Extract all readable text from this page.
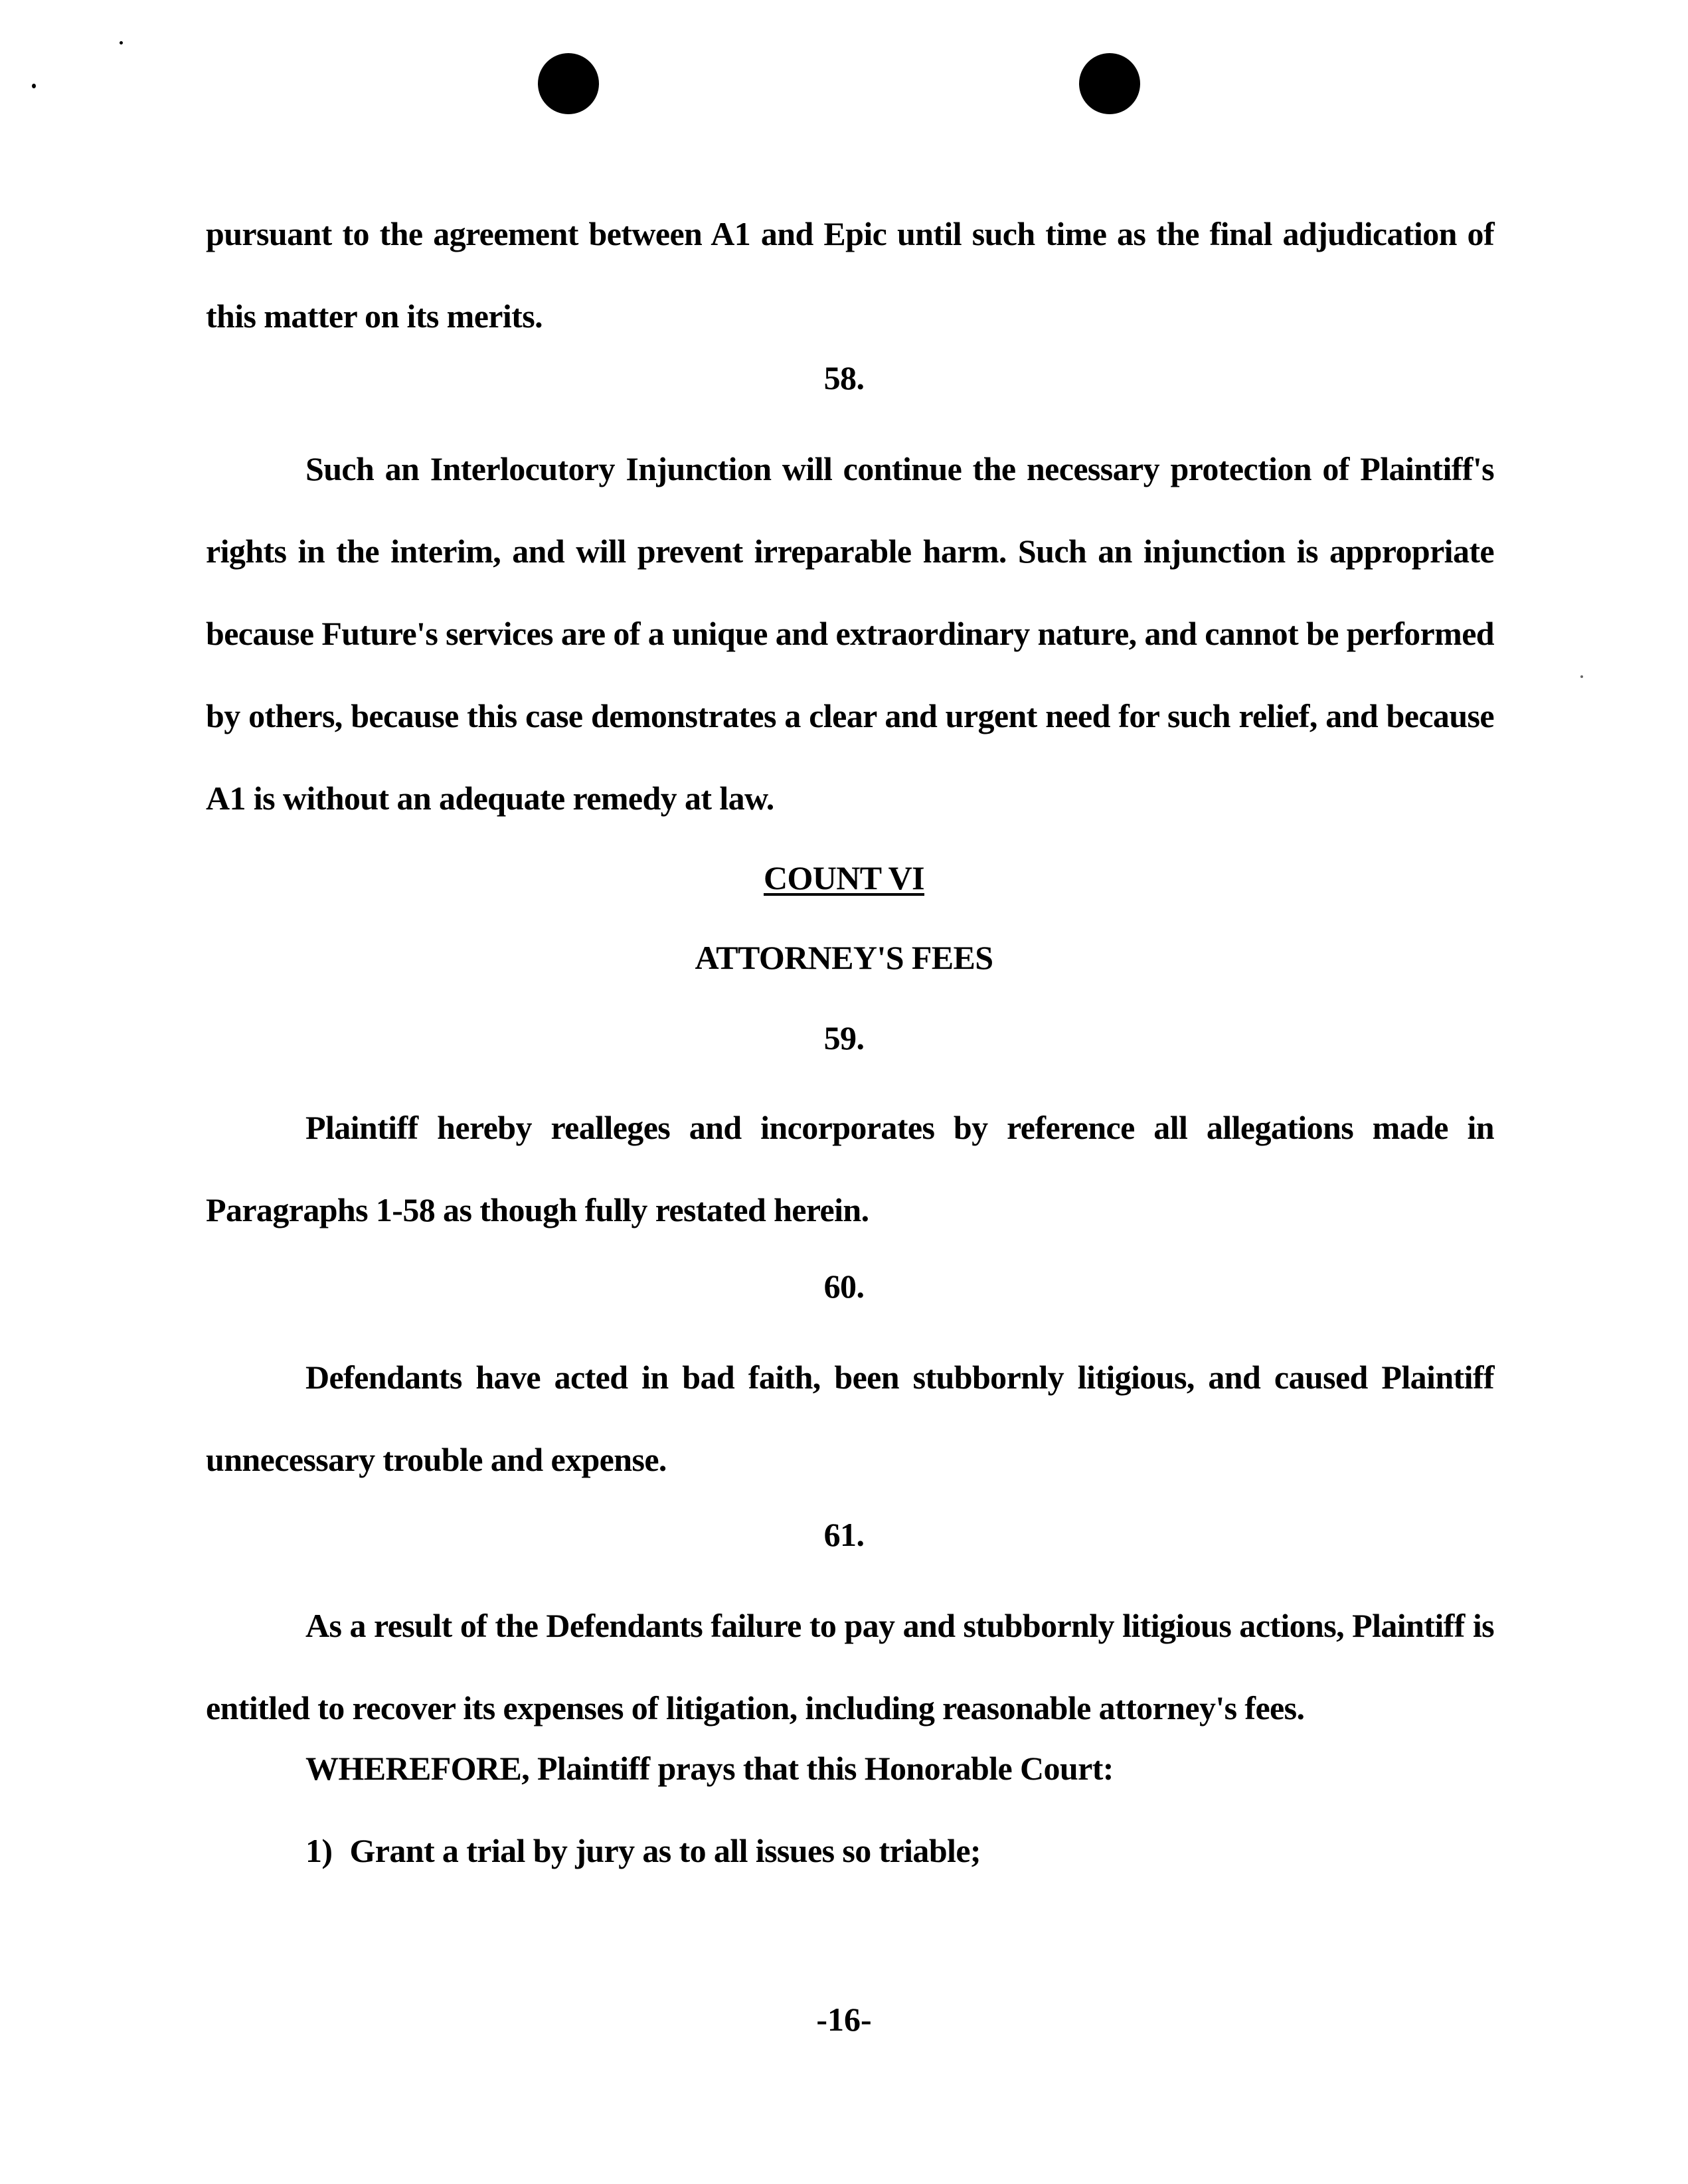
pursuant to the agreement between A1 and Epic until such time as the final adjudication of this matter on its merits.

58.

Such an Interlocutory Injunction will continue the necessary protection of Plaintiff's rights in the interim, and will prevent irreparable harm. Such an injunction is appropriate because Future's services are of a unique and extraordinary nature, and cannot be performed by others, because this case demonstrates a clear and urgent need for such relief, and because A1 is without an adequate remedy at law.

COUNT VI
ATTORNEY'S FEES
59.

Plaintiff hereby realleges and incorporates by reference all allegations made in Paragraphs 1-58 as though fully restated herein.

60.

Defendants have acted in bad faith, been stubbornly litigious, and caused Plaintiff unnecessary trouble and expense.

61.

As a result of the Defendants failure to pay and stubbornly litigious actions, Plaintiff is entitled to recover its expenses of litigation, including reasonable attorney's fees.

WHEREFORE, Plaintiff prays that this Honorable Court:
1) Grant a trial by jury as to all issues so triable;
-16-
